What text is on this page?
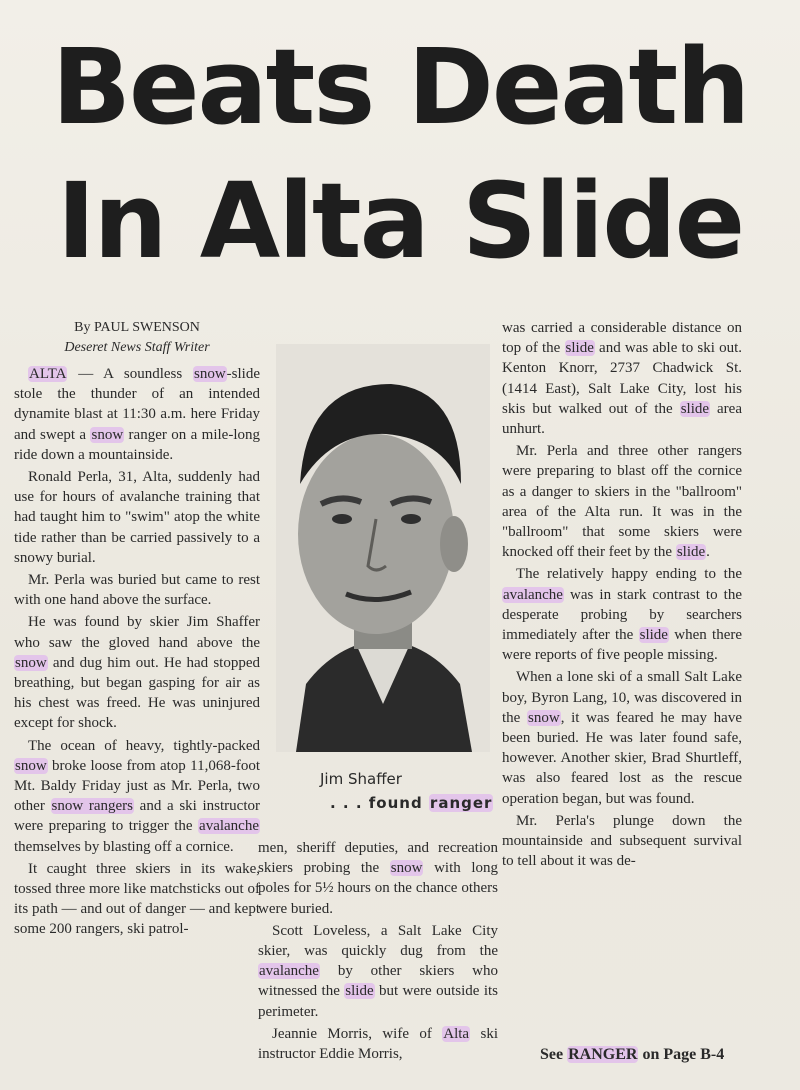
Beats Death
In Alta Slide

By PAUL SWENSON

Deseret News Staff Writer

ALTA — A soundless snow-slide stole the thunder of an intended dynamite blast at 11:30 a.m. here Friday and swept a snow ranger on a mile-long ride down a mountainside.

Ronald Perla, 31, Alta, suddenly had use for hours of avalanche training that had taught him to "swim" atop the white tide rather than be carried passively to a snowy burial.

Mr. Perla was buried but came to rest with one hand above the surface.

He was found by skier Jim Shaffer who saw the gloved hand above the snow and dug him out. He had stopped breathing, but began gasping for air as his chest was freed. He was uninjured except for shock.

The ocean of heavy, tightly-packed snow broke loose from atop 11,068-foot Mt. Baldy Friday just as Mr. Perla, two other snow rangers and a ski instructor were preparing to trigger the avalanche themselves by blasting off a cornice.

It caught three skiers in its wake, tossed three more like matchsticks out of its path — and out of danger — and kept some 200 rangers, ski patrol-

Jim Shaffer
. . . found ranger

men, sheriff deputies, and recreation skiers probing the snow with long poles for 5½ hours on the chance others were buried.

Scott Loveless, a Salt Lake City skier, was quickly dug from the avalanche by other skiers who witnessed the slide but were outside its perimeter.

Jeannie Morris, wife of Alta ski instructor Eddie Morris,

was carried a considerable distance on top of the slide and was able to ski out. Kenton Knorr, 2737 Chadwick St. (1414 East), Salt Lake City, lost his skis but walked out of the slide area unhurt.

Mr. Perla and three other rangers were preparing to blast off the cornice as a danger to skiers in the "ballroom" area of the Alta run. It was in the "ballroom" that some skiers were knocked off their feet by the slide.

The relatively happy ending to the avalanche was in stark contrast to the desperate probing by searchers immediately after the slide when there were reports of five people missing.

When a lone ski of a small Salt Lake boy, Byron Lang, 10, was discovered in the snow, it was feared he may have been buried. He was later found safe, however. Another skier, Brad Shurtleff, was also feared lost as the rescue operation began, but was found.

Mr. Perla's plunge down the mountainside and subsequent survival to tell about it was de-

See RANGER on Page B-4
